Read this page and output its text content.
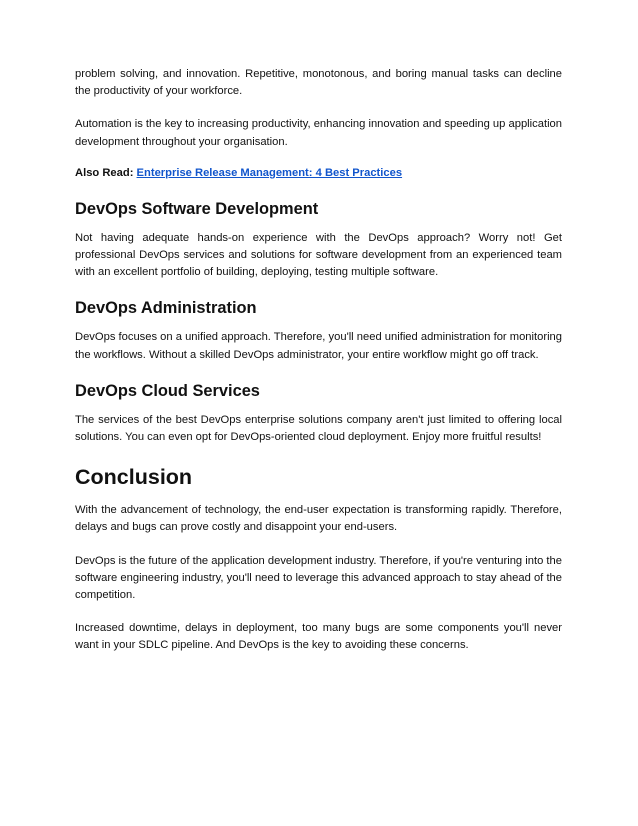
problem solving, and innovation. Repetitive, monotonous, and boring manual tasks can decline the productivity of your workforce.

Automation is the key to increasing productivity, enhancing innovation and speeding up application development throughout your organisation.

Also Read: Enterprise Release Management: 4 Best Practices
DevOps Software Development

Not having adequate hands-on experience with the DevOps approach? Worry not! Get professional DevOps services and solutions for software development from an experienced team with an excellent portfolio of building, deploying, testing multiple software.

DevOps Administration

DevOps focuses on a unified approach. Therefore, you'll need unified administration for monitoring the workflows. Without a skilled DevOps administrator, your entire workflow might go off track.

DevOps Cloud Services

The services of the best DevOps enterprise solutions company aren't just limited to offering local solutions. You can even opt for DevOps-oriented cloud deployment. Enjoy more fruitful results!

Conclusion

With the advancement of technology, the end-user expectation is transforming rapidly. Therefore, delays and bugs can prove costly and disappoint your end-users.

DevOps is the future of the application development industry. Therefore, if you're venturing into the software engineering industry, you'll need to leverage this advanced approach to stay ahead of the competition.

Increased downtime, delays in deployment, too many bugs are some components you'll never want in your SDLC pipeline. And DevOps is the key to avoiding these concerns.
